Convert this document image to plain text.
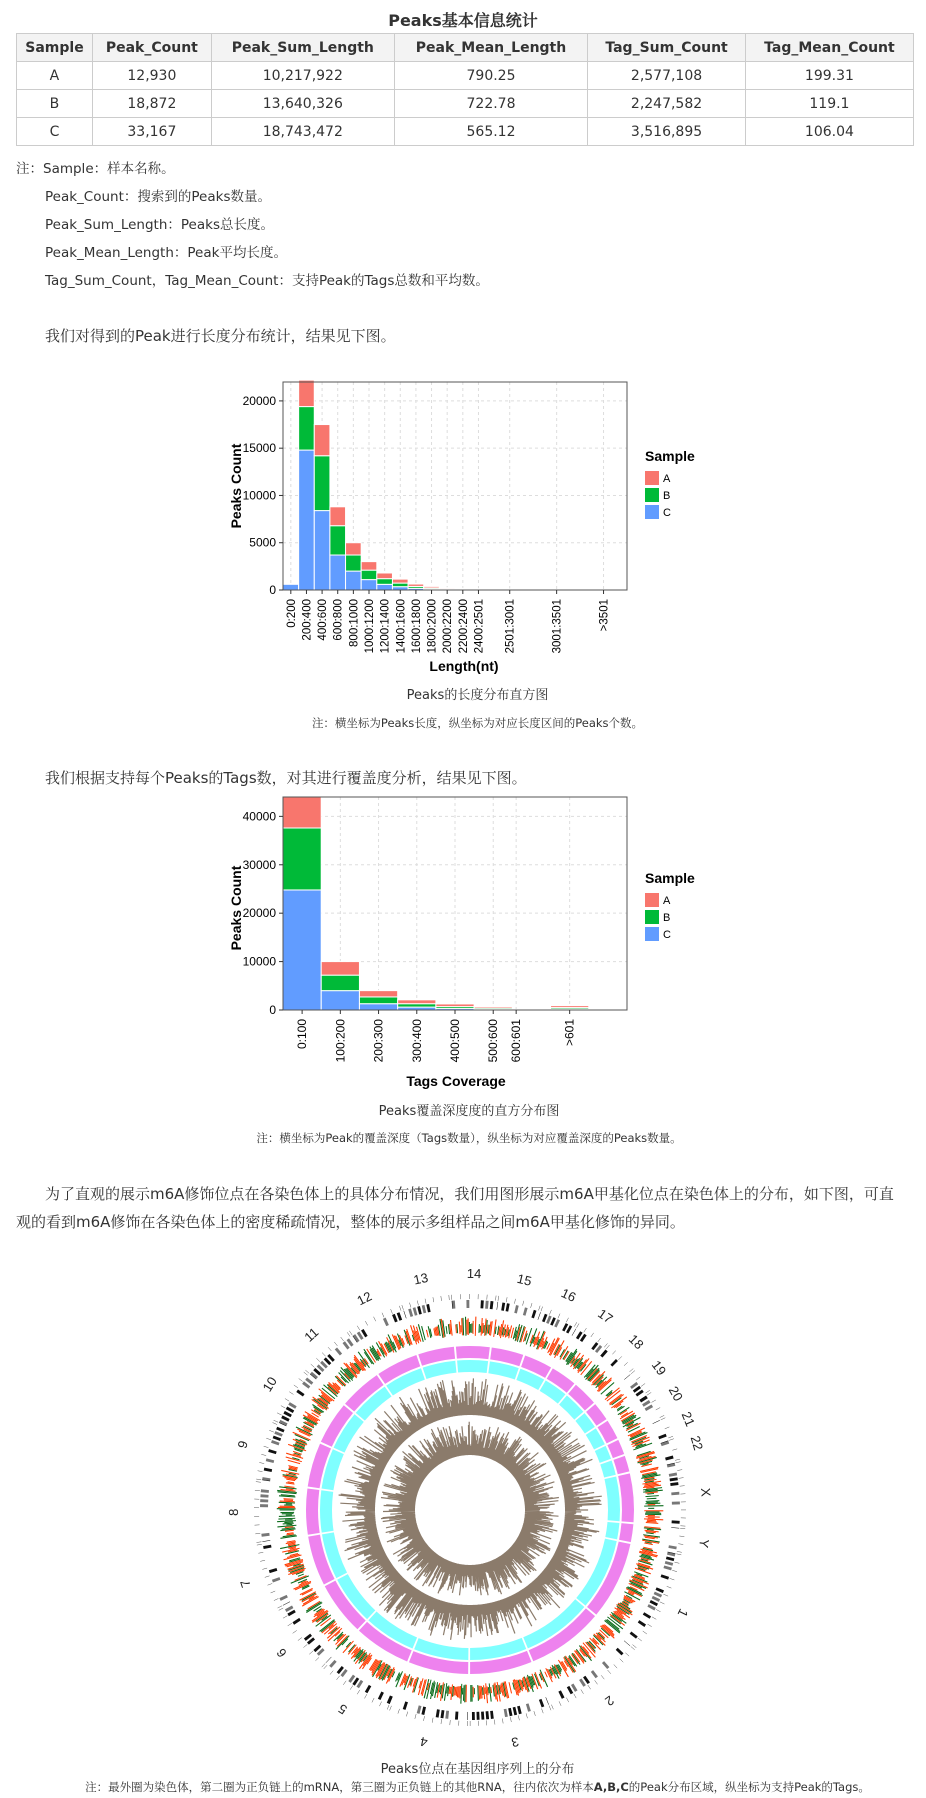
Peaks基本信息统计
Sample	Peak_Count	Peak_Sum_Length	Peak_Mean_Length	Tag_Sum_Count	Tag_Mean_Count
A	12,930	10,217,922	790.25	2,577,108	199.31
B	18,872	13,640,326	722.78	2,247,582	119.1
C	33,167	18,743,472	565.12	3,516,895	106.04
注：Sample：样本名称。
Peak_Count：搜索到的Peaks数量。
Peak_Sum_Length：Peaks总长度。
Peak_Mean_Length：Peak平均长度。
Tag_Sum_Count，Tag_Mean_Count：支持Peak的Tags总数和平均数。
我们对得到的Peak进行长度分布统计，结果见下图。
0
5000
10000
15000
20000
0:200 200:400 400:600 600:800 800:1000 1000:1200 1200:1400 1400:1600 1600:1800 1800:2000 2000:2200 2200:2400 2400:2501 2501:3001	3001:3501	>3501
Length(nt)
Peaks Count	Sample
A
B
C
Peaks的长度分布直方图
注：横坐标为Peaks长度，纵坐标为对应长度区间的Peaks个数。
我们根据支持每个Peaks的Tags数，对其进行覆盖度分析，结果见下图。
0
10000
20000
30000
40000
0:100 100:200 200:300 300:400 400:500 500:600 600:601	>601
Tags Coverage
Peaks Count	Sample
A
B
C
Peaks覆盖深度度的直方分布图
注：横坐标为Peak的覆盖深度（Tags数量），纵坐标为对应覆盖深度的Peaks数量。
为了直观的展示m6A修饰位点在各染色体上的具体分布情况，我们用图形展示m6A甲基化位点在染色体上的分布，如下图，可直观的看到m6A修饰在各染色体上的密度稀疏情况，整体的展示多组样品之间m6A甲基化修饰的异同。
1
2
3
4
5
6
7
8
9
10
11
12
13	14	15
16
17
18
19
20
21
22
X
Y
Peaks位点在基因组序列上的分布
注：最外圈为染色体，第二圈为正负链上的mRNA，第三圈为正负链上的其他RNA，往内依次为样本A,B,C的Peak分布区域，纵坐标为支持Peak的Tags。
